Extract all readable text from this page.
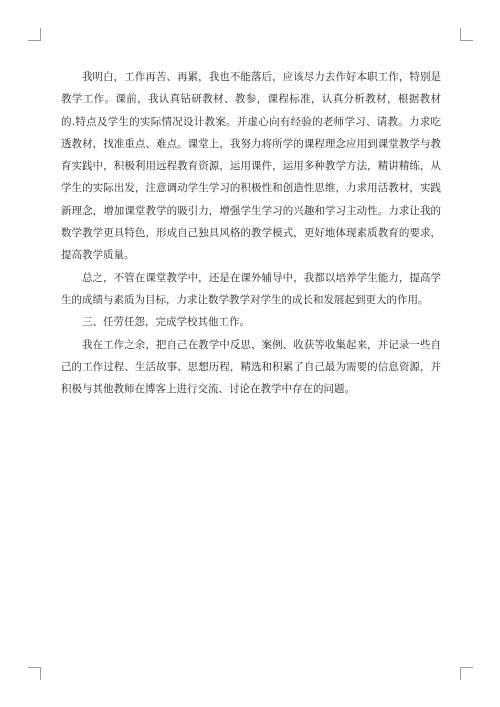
我明白，工作再苦、再累，我也不能落后，应该尽力去作好本职工作，特别是教学工作。课前，我认真钻研教材、教参，课程标准，认真分析教材，根据教材的.特点及学生的实际情况设计教案。并虚心向有经验的老师学习、请教。力求吃透教材，找准重点、难点。课堂上，我努力将所学的课程理念应用到课堂教学与教育实践中，积极利用远程教育资源，运用课件，运用多种教学方法，精讲精练，从学生的实际出发，注意调动学生学习的积极性和创造性思维，力求用活教材，实践新理念，增加课堂教学的吸引力，增强学生学习的兴趣和学习主动性。力求让我的数学教学更具特色，形成自己独具风格的教学模式，更好地体现素质教育的要求，提高教学质量。

总之，不管在课堂教学中，还是在课外辅导中，我都以培养学生能力，提高学生的成绩与素质为目标，力求让数学教学对学生的成长和发展起到更大的作用。

三、任劳任怨，完成学校其他工作。

我在工作之余，把自己在教学中反思、案例、收获等收集起来，并记录一些自己的工作过程、生活故事、思想历程，精选和积累了自己最为需要的信息资源，并积极与其他教师在博客上进行交流、讨论在教学中存在的问题。
